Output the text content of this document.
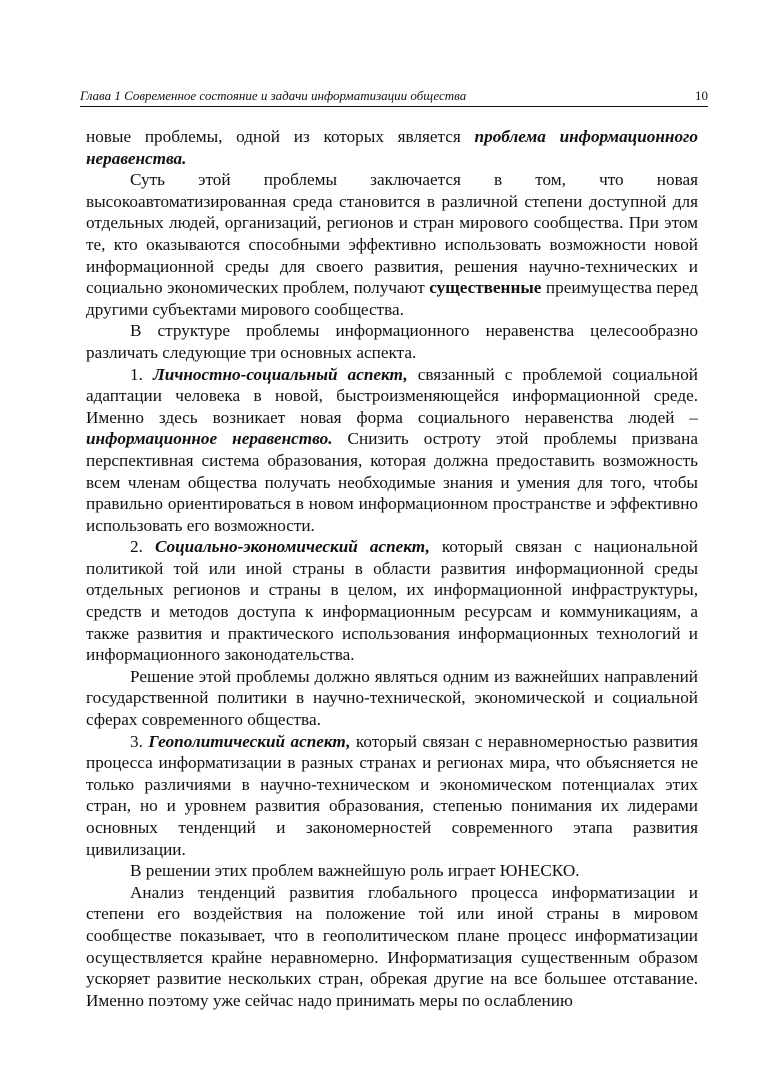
Глава 1 Современное состояние и задачи информатизации общества	10

новые проблемы, одной из которых является проблема информационного неравенства.

Суть этой проблемы заключается в том, что новая высокоавтоматизированная среда становится в различной степени доступной для отдельных людей, организаций, регионов и стран мирового сообщества. При этом те, кто оказываются способными эффективно использовать возможности новой информационной среды для своего развития, решения научно-технических и социально экономических проблем, получают существенные преимущества перед другими субъектами мирового сообщества.

В структуре проблемы информационного неравенства целесообразно различать следующие три основных аспекта.

1. Личностно-социальный аспект, связанный с проблемой социальной адаптации человека в новой, быстроизменяющейся информационной среде. Именно здесь возникает новая форма социального неравенства людей – информационное неравенство. Снизить остроту этой проблемы призвана перспективная система образования, которая должна предоставить возможность всем членам общества получать необходимые знания и умения для того, чтобы правильно ориентироваться в новом информационном пространстве и эффективно использовать его возможности.

2. Социально-экономический аспект, который связан с национальной политикой той или иной страны в области развития информационной среды отдельных регионов и страны в целом, их информационной инфраструктуры, средств и методов доступа к информационным ресурсам и коммуникациям, а также развития и практического использования информационных технологий и информационного законодательства.

Решение этой проблемы должно являться одним из важнейших направлений государственной политики в научно-технической, экономической и социальной сферах современного общества.

3. Геополитический аспект, который связан с неравномерностью развития процесса информатизации в разных странах и регионах мира, что объясняется не только различиями в научно-техническом и экономическом потенциалах этих стран, но и уровнем развития образования, степенью понимания их лидерами основных тенденций и закономерностей современного этапа развития цивилизации.

В решении этих проблем важнейшую роль играет ЮНЕСКО.

Анализ тенденций развития глобального процесса информатизации и степени его воздействия на положение той или иной страны в мировом сообществе показывает, что в геополитическом плане процесс информатизации осуществляется крайне неравномерно. Информатизация существенным образом ускоряет развитие нескольких стран, обрекая другие на все большее отставание. Именно поэтому уже сейчас надо принимать меры по ослаблению
